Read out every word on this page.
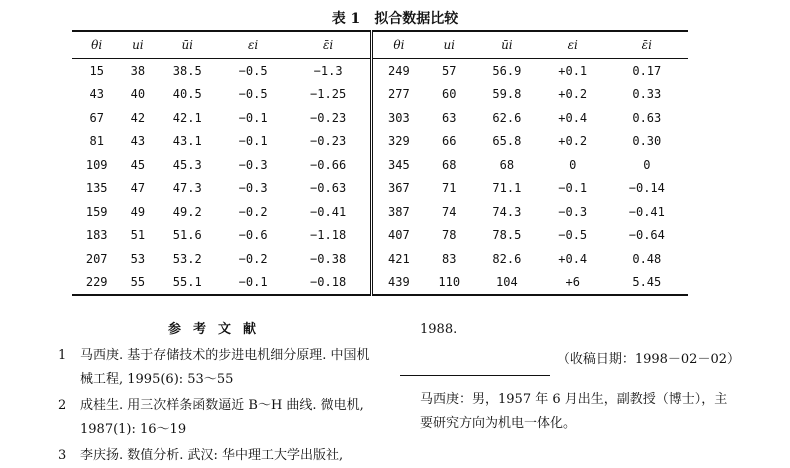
表 1 拟合数据比较
θi	ui	ūi	εi	ε̄i	θi	ui	ūi	εi	ε̄i
15	38	38.5	−0.5	−1.3	249	57	56.9	+0.1	0.17
43	40	40.5	−0.5	−1.25	277	60	59.8	+0.2	0.33
67	42	42.1	−0.1	−0.23	303	63	62.6	+0.4	0.63
81	43	43.1	−0.1	−0.23	329	66	65.8	+0.2	0.30
109	45	45.3	−0.3	−0.66	345	68	68	0	0
135	47	47.3	−0.3	−0.63	367	71	71.1	−0.1	−0.14
159	49	49.2	−0.2	−0.41	387	74	74.3	−0.3	−0.41
183	51	51.6	−0.6	−1.18	407	78	78.5	−0.5	−0.64
207	53	53.2	−0.2	−0.38	421	83	82.6	+0.4	0.48
229	55	55.1	−0.1	−0.18	439	110	104	+6	5.45
参考文献
1	马西庚. 基于存储技术的步进电机细分原理. 中国机械工程, 1995(6): 53～55
2	成桂生. 用三次样条函数逼近 B～H 曲线. 微电机, 1987(1): 16～19
3	李庆扬. 数值分析. 武汉: 华中理工大学出版社,
1988.
（收稿日期：1998－02－02）
马西庚：男，1957 年 6 月出生，副教授（博士），主要研究方向为机电一体化。
